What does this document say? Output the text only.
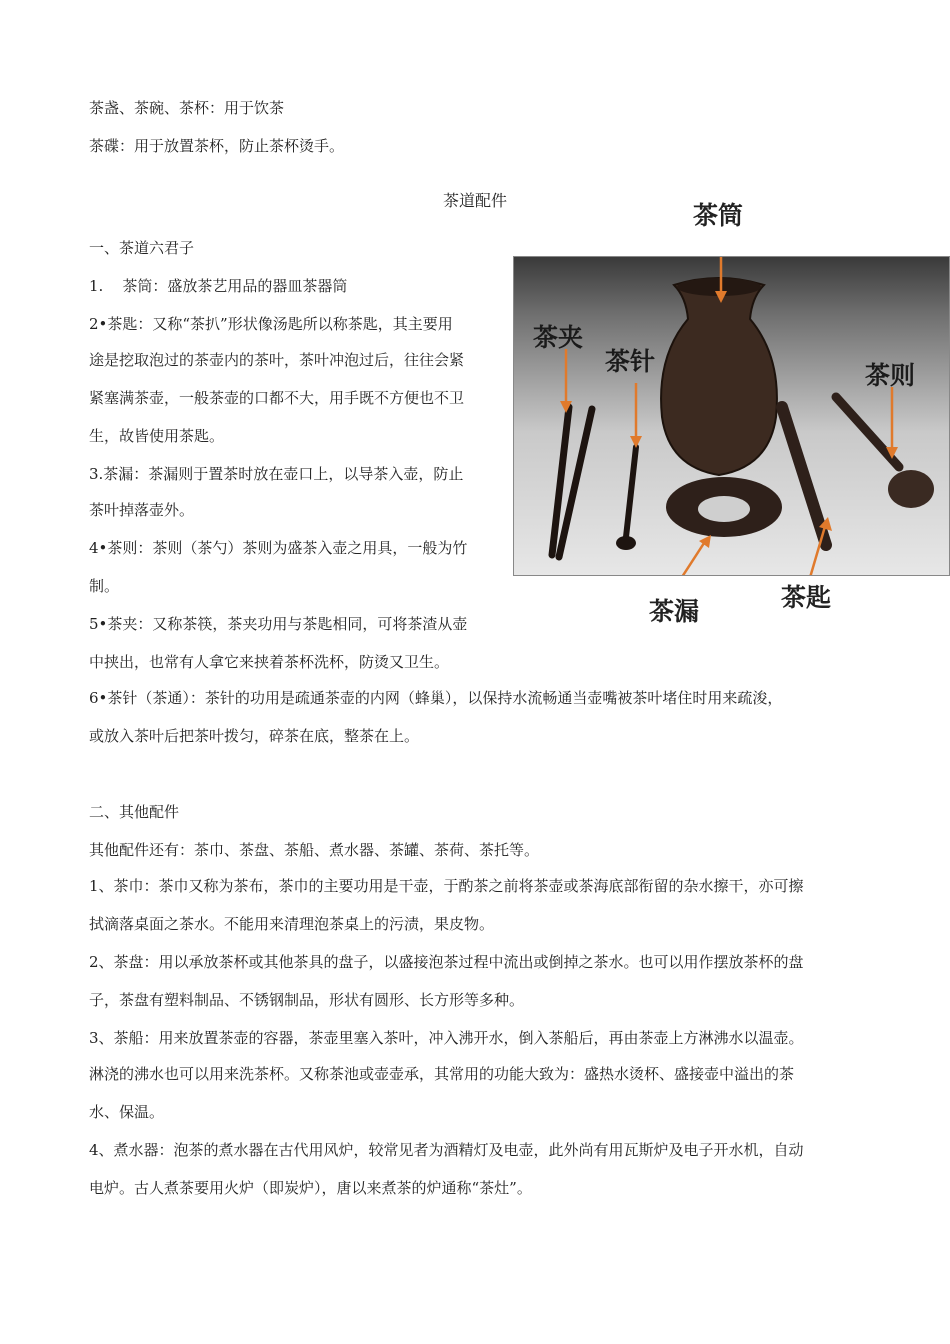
茶盏、茶碗、茶杯：用于饮茶
茶碟：用于放置茶杯，防止茶杯烫手。
茶道配件
一、茶道六君子
1.    茶筒：盛放茶艺用品的器皿茶器筒
2•茶匙：又称“茶扒”形状像汤匙所以称茶匙，其主要用
途是挖取泡过的茶壶内的茶叶，茶叶冲泡过后，往往会紧
紧塞满茶壶，一般茶壶的口都不大，用手既不方便也不卫
生，故皆使用茶匙。
3.茶漏：茶漏则于置茶时放在壶口上，以导茶入壶，防止
茶叶掉落壶外。
4•茶则：茶则（茶勺）茶则为盛茶入壶之用具，一般为竹
制。
5•茶夹：又称茶筷，茶夹功用与茶匙相同，可将茶渣从壶
中挟出，也常有人拿它来挟着茶杯洗杯，防烫又卫生。
6•茶针（茶通）：茶针的功用是疏通茶壶的内网（蜂巢），以保持水流畅通当壶嘴被茶叶堵住时用来疏浚，
或放入茶叶后把茶叶拨匀，碎茶在底，整茶在上。
茶筒
茶夹
茶针	茶则
茶漏	茶匙
二、其他配件
其他配件还有：茶巾、茶盘、茶船、煮水器、茶罐、茶荷、茶托等。
1、茶巾：茶巾又称为茶布，茶巾的主要功用是干壶，于酌茶之前将茶壶或茶海底部衔留的杂水擦干，亦可擦
拭滴落桌面之茶水。不能用来清理泡茶桌上的污渍，果皮物。
2、茶盘：用以承放茶杯或其他茶具的盘子，以盛接泡茶过程中流出或倒掉之茶水。也可以用作摆放茶杯的盘
子，茶盘有塑料制品、不锈钢制品，形状有圆形、长方形等多种。
3、茶船：用来放置茶壶的容器，茶壶里塞入茶叶，冲入沸开水，倒入茶船后，再由茶壶上方淋沸水以温壶。
淋浇的沸水也可以用来洗茶杯。又称茶池或壶壶承，其常用的功能大致为：盛热水烫杯、盛接壶中溢出的茶
水、保温。
4、煮水器：泡茶的煮水器在古代用风炉，较常见者为酒精灯及电壶，此外尚有用瓦斯炉及电子开水机，自动
电炉。古人煮茶要用火炉（即炭炉），唐以来煮茶的炉通称“茶灶”。
